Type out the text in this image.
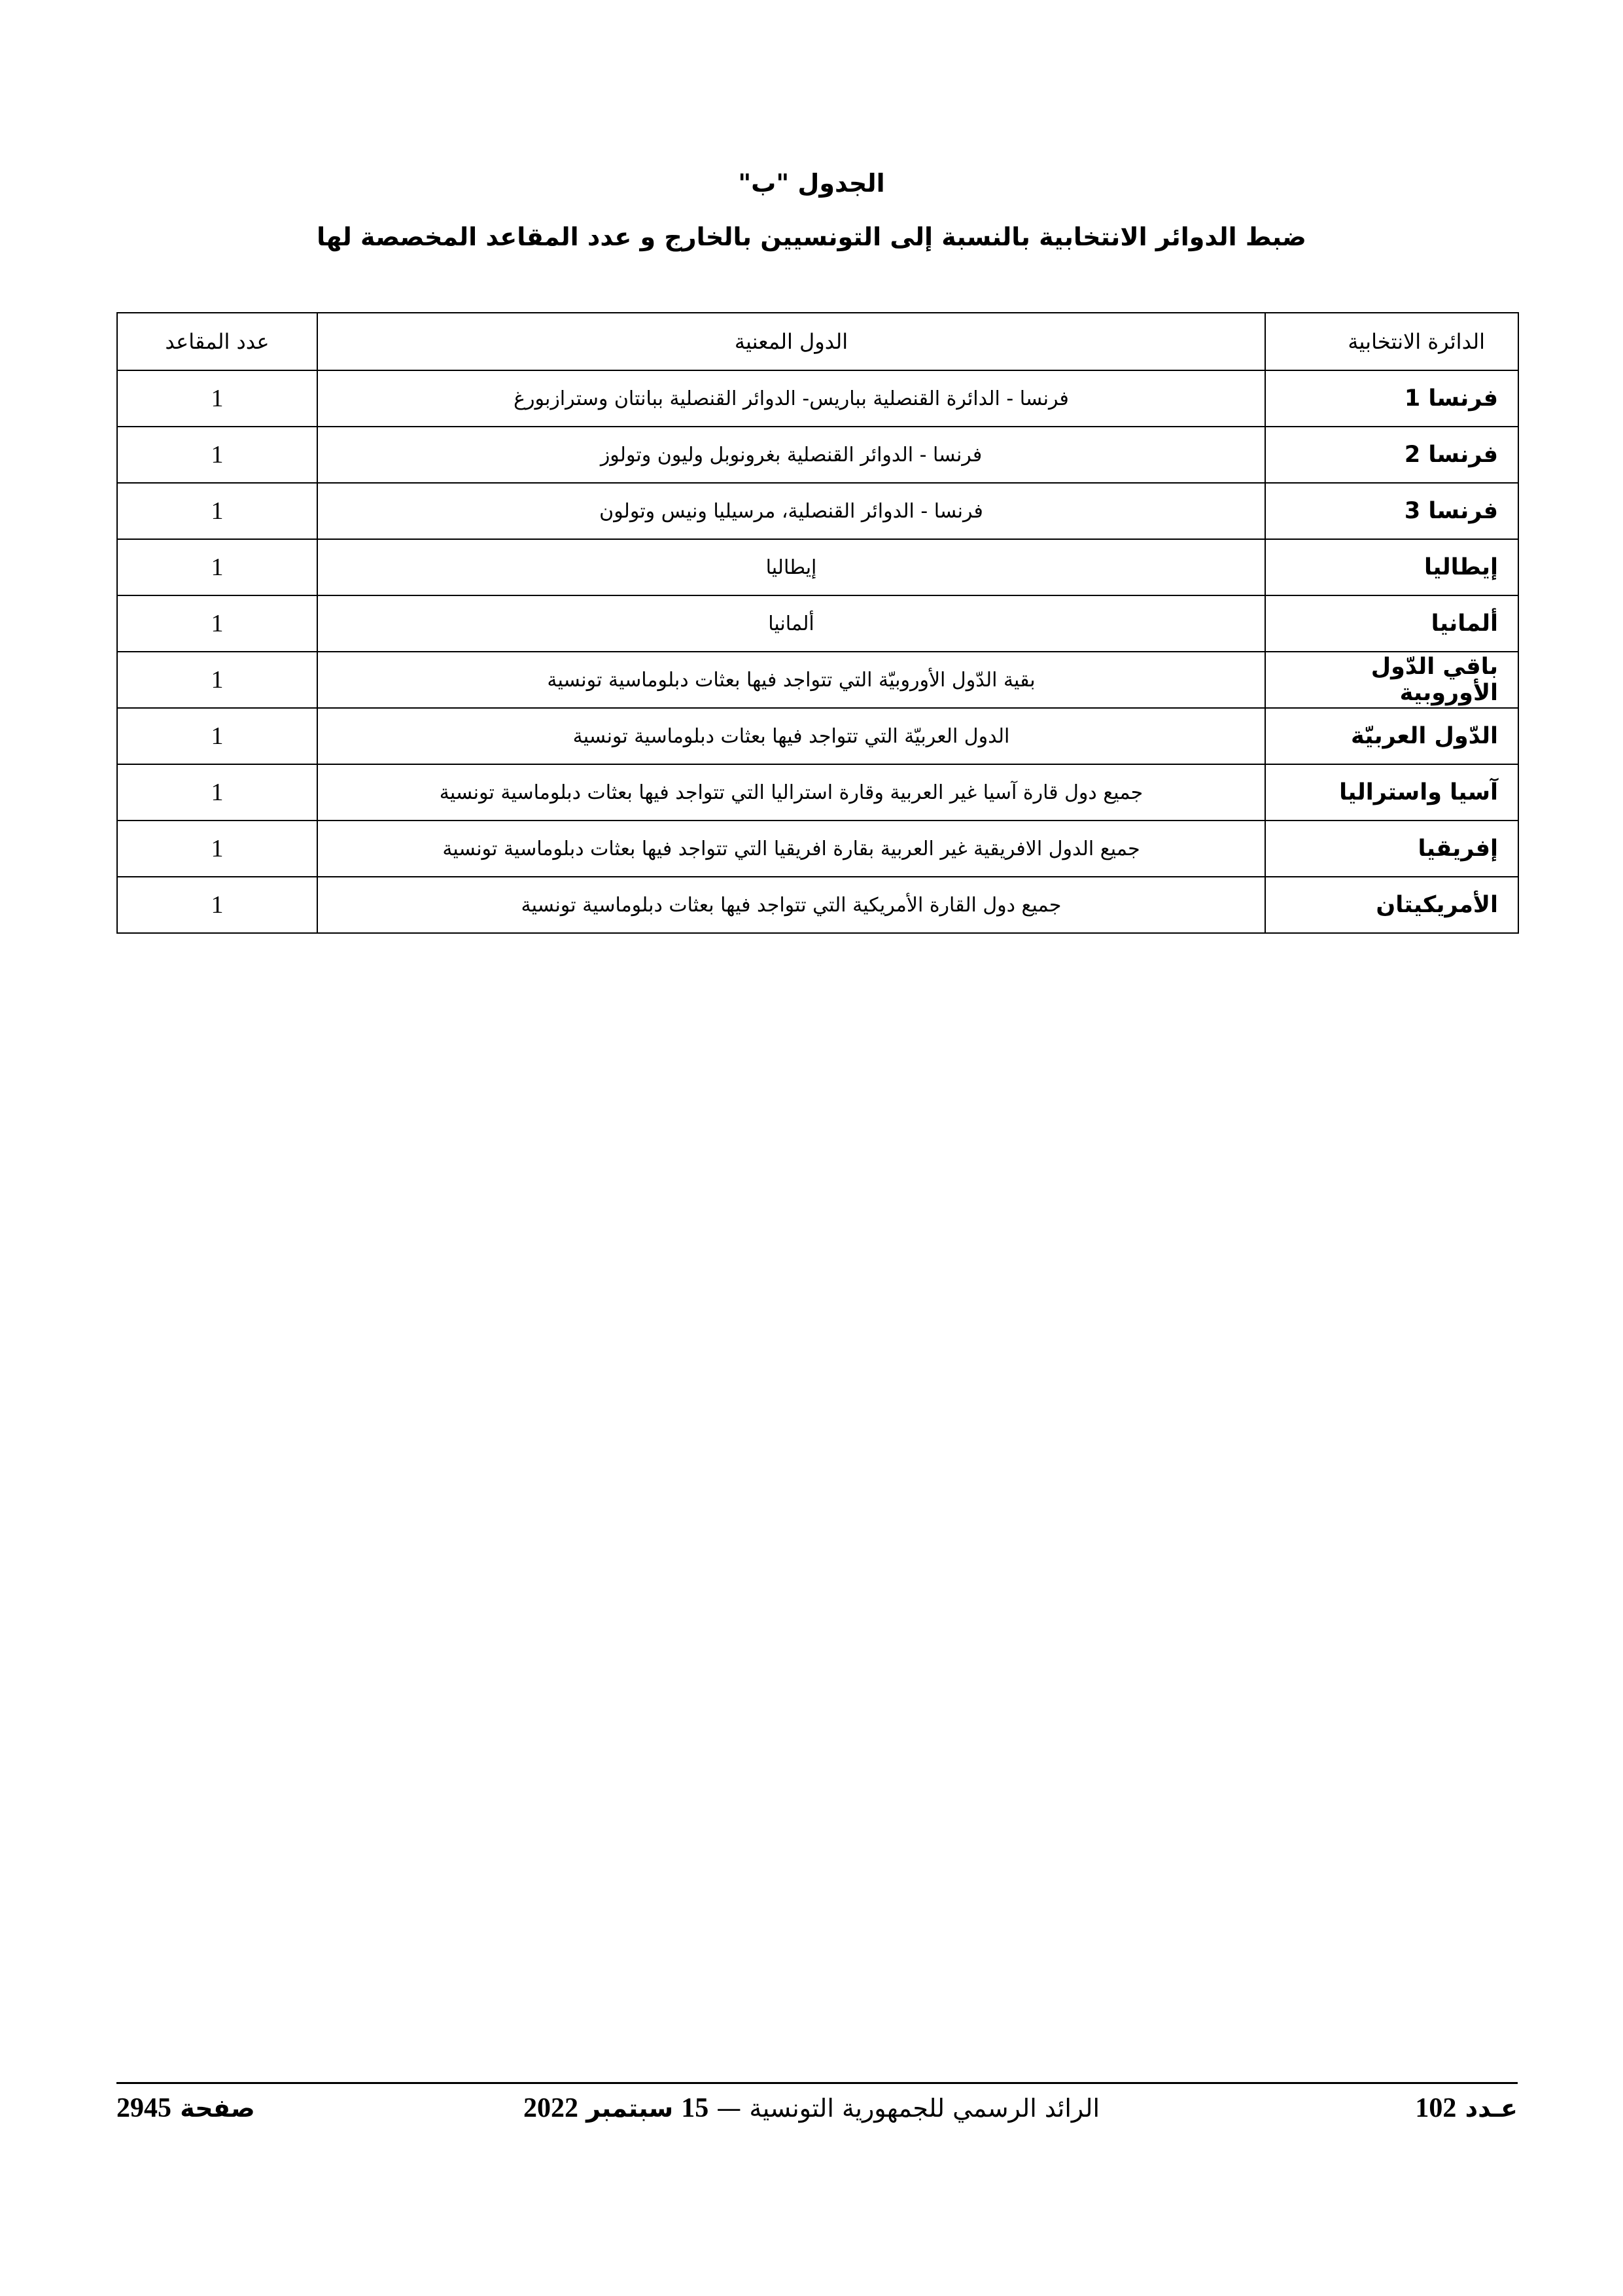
الجدول "ب"
ضبط الدوائر الانتخابية بالنسبة إلى التونسيين بالخارج و عدد المقاعد المخصصة لها
الدائرة الانتخابية	الدول المعنية	عدد المقاعد
فرنسا 1	فرنسا - الدائرة القنصلية بباريس- الدوائر القنصلية ببانتان وسترازبورغ	1
فرنسا 2	فرنسا - الدوائر القنصلية بغرونوبل وليون وتولوز	1
فرنسا 3	فرنسا - الدوائر القنصلية، مرسيليا ونيس وتولون	1
إيطاليا	إيطاليا	1
ألمانيا	ألمانيا	1
باقي الدّول الأوروبية	بقية الدّول الأوروبيّة التي تتواجد فيها بعثات دبلوماسية تونسية	1
الدّول العربيّة	الدول العربيّة التي تتواجد فيها بعثات دبلوماسية تونسية	1
آسيا واستراليا	جميع دول قارة آسيا غير العربية وقارة استراليا التي تتواجد فيها بعثات دبلوماسية تونسية	1
إفريقيا	جميع الدول الافريقية غير العربية بقارة افريقيا التي تتواجد فيها بعثات دبلوماسية تونسية	1
الأمريكيتان	جميع دول القارة الأمريكية التي تتواجد فيها بعثات دبلوماسية تونسية	1
عـدد 102
الرائد الرسمي للجمهورية التونسية — 15 سبتمبر 2022
صفحة 2945
